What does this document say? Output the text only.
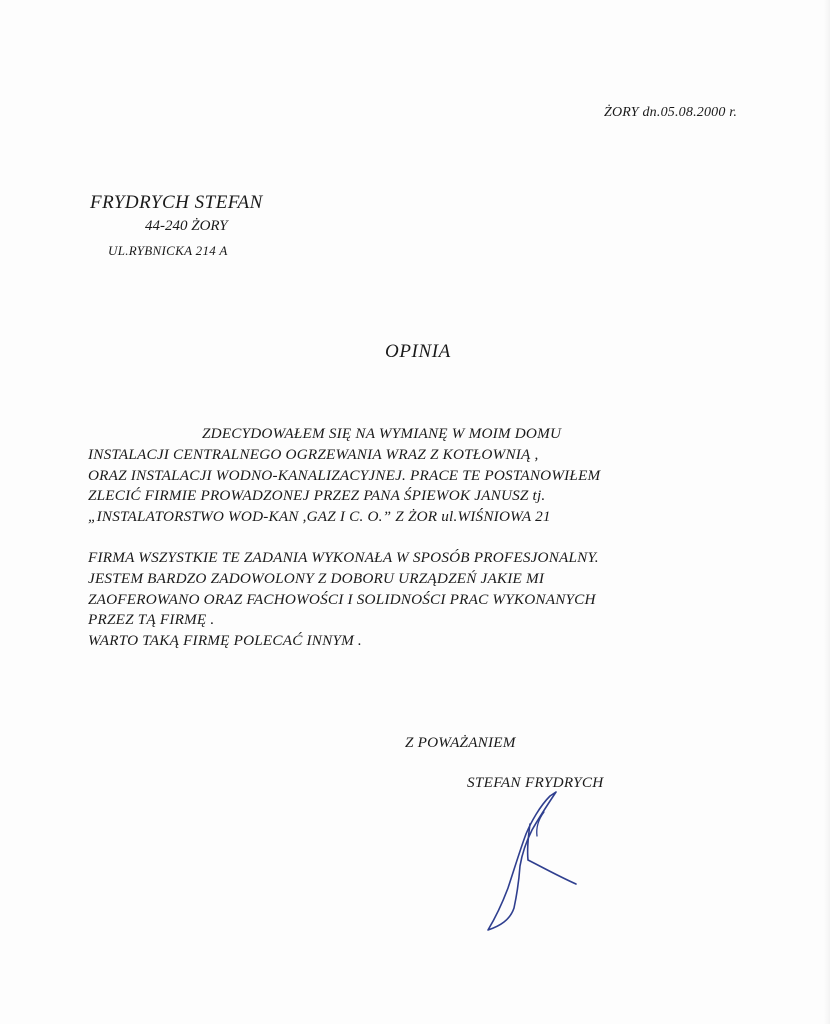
ŻORY dn.05.08.2000 r.
FRYDRYCH STEFAN
44-240 ŻORY
UL.RYBNICKA 214 A
OPINIA
ZDECYDOWAŁEM SIĘ NA WYMIANĘ W MOIM DOMU
INSTALACJI CENTRALNEGO OGRZEWANIA WRAZ Z KOTŁOWNIĄ ,
ORAZ INSTALACJI WODNO-KANALIZACYJNEJ. PRACE TE POSTANOWIŁEM
ZLECIĆ FIRMIE PROWADZONEJ PRZEZ PANA ŚPIEWOK JANUSZ tj.
„INSTALATORSTWO WOD-KAN ,GAZ I C. O.” Z ŻOR ul.WIŚNIOWA 21
FIRMA WSZYSTKIE TE ZADANIA WYKONAŁA W SPOSÓB PROFESJONALNY.
JESTEM BARDZO ZADOWOLONY Z DOBORU URZĄDZEŃ JAKIE MI
ZAOFEROWANO ORAZ FACHOWOŚCI I SOLIDNOŚCI PRAC WYKONANYCH
PRZEZ TĄ FIRMĘ .
WARTO TAKĄ FIRMĘ POLECAĆ INNYM .
Z POWAŻANIEM
STEFAN FRYDRYCH
